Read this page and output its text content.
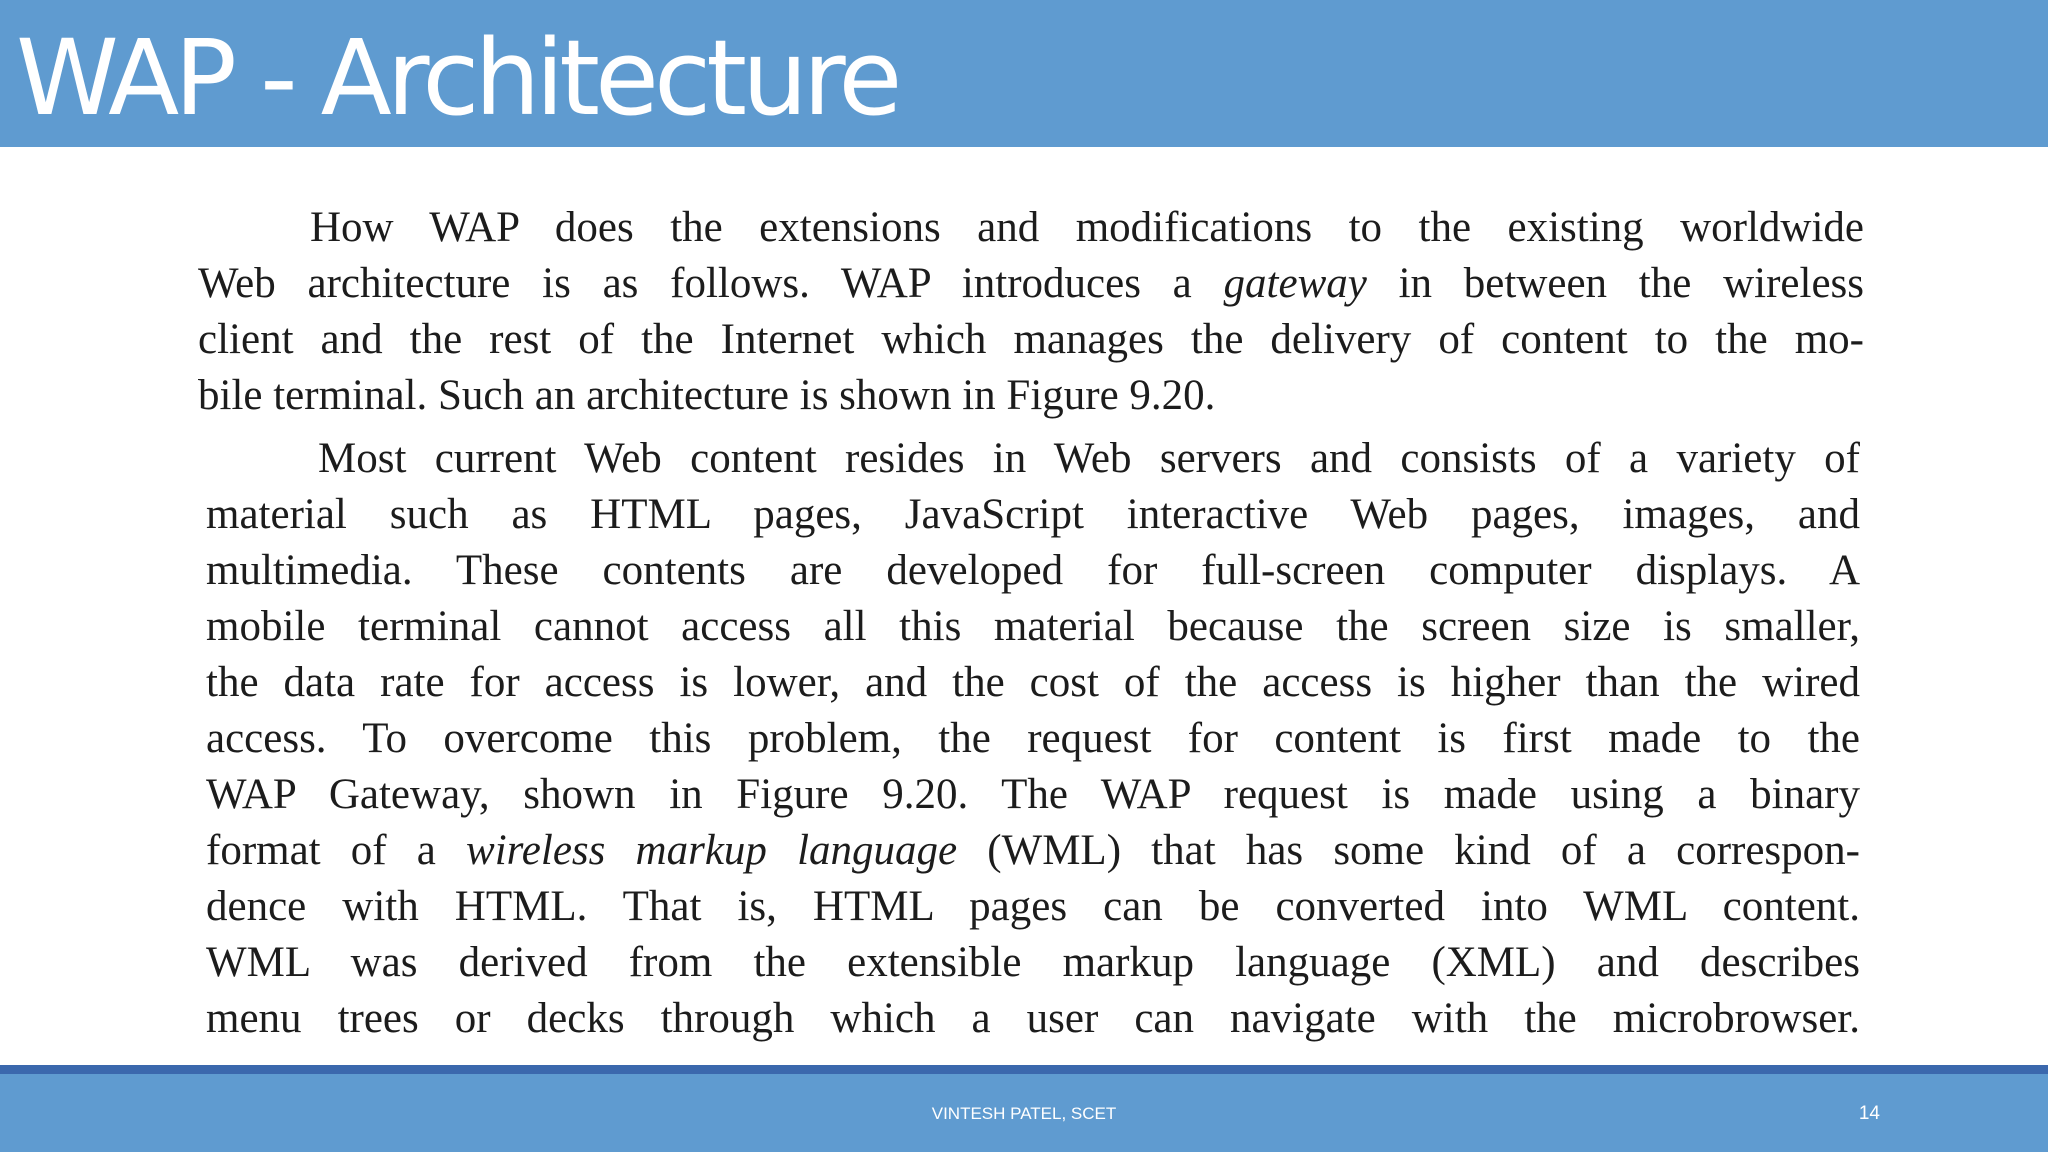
WAP - Architecture
How WAP does the extensions and modifications to the existing worldwide
Web architecture is as follows. WAP introduces a gateway in between the wireless
client and the rest of the Internet which manages the delivery of content to the mo-
bile terminal. Such an architecture is shown in Figure 9.20.
Most current Web content resides in Web servers and consists of a variety of
material such as HTML pages, JavaScript interactive Web pages, images, and
multimedia. These contents are developed for full-screen computer displays. A
mobile terminal cannot access all this material because the screen size is smaller,
the data rate for access is lower, and the cost of the access is higher than the wired
access. To overcome this problem, the request for content is first made to the
WAP Gateway, shown in Figure 9.20. The WAP request is made using a binary
format of a wireless markup language (WML) that has some kind of a correspon-
dence with HTML. That is, HTML pages can be converted into WML content.
WML was derived from the extensible markup language (XML) and describes
menu trees or decks through which a user can navigate with the microbrowser.
VINTESH PATEL, SCET	14
